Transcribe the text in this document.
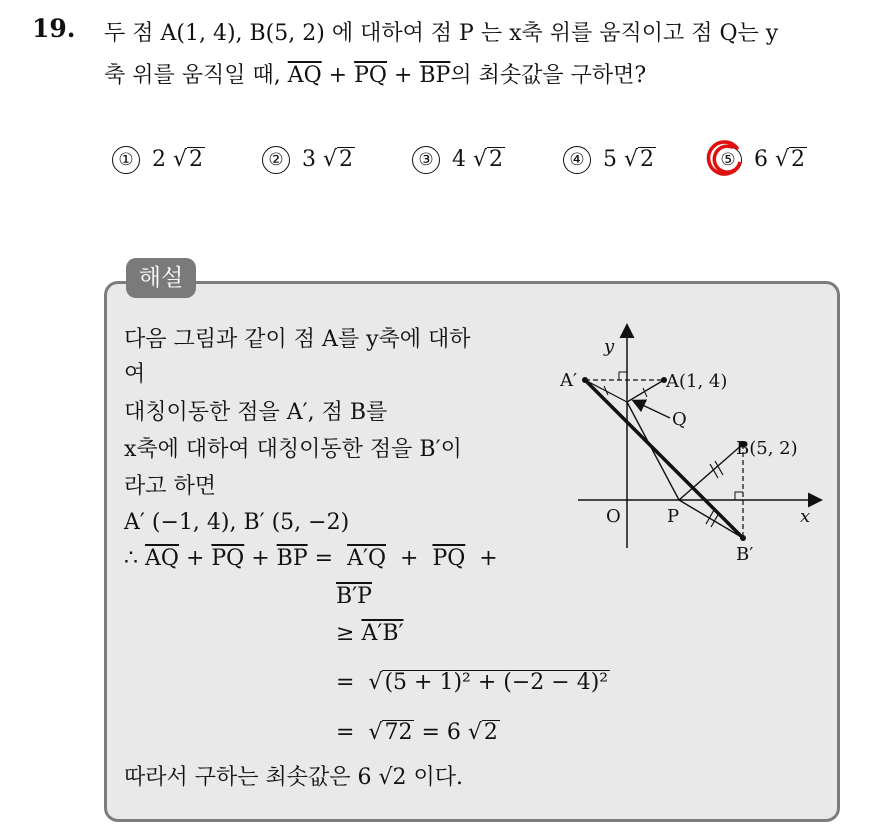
19. 두 점 A(1, 4), B(5, 2) 에 대하여 점 P 는 x축 위를 움직이고 점 Q는 y
축 위를 움직일 때, $\overline{AQ} + \overline{PQ} + \overline{BP}$의 최솟값을 구하면?
① 2 √2	② 3 √2	③ 4 √2	④ 5 √2	⑤ 6 √2
해설
다음 그림과 같이 점 A를 y축에 대하
여
대칭이동한 점을 A′, 점 B를
x축에 대하여 대칭이동한 점을 B′이
라고 하면
A′ (−1, 4), B′ (5, −2)
∴ $\overline{AQ} + \overline{PQ} + \overline{BP} = A'Q + \overline{PQ}$ +
B′P
≥ A′B′
=  √(5 + 1)² + (−2 − 4)²
=  √72 = 6 √2
따라서 구하는 최솟값은 6 √2 이다.
y
x
O
A′	A(1, 4)
Q
B(5, 2)
P
B′
